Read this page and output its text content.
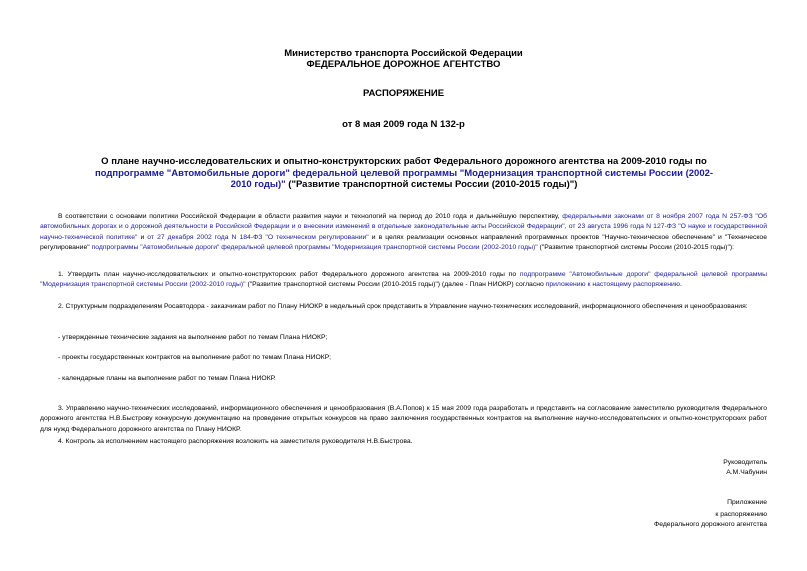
Министерство транспорта Российской Федерации
ФЕДЕРАЛЬНОЕ ДОРОЖНОЕ АГЕНТСТВО
РАСПОРЯЖЕНИЕ
от 8 мая 2009 года N 132-р
О плане научно-исследовательских и опытно-конструкторских работ Федерального дорожного агентства на 2009-2010 годы по подпрограмме "Автомобильные дороги" федеральной целевой программы "Модернизация транспортной системы России (2002-2010 годы)" ("Развитие транспортной системы России (2010-2015 годы)")
В соответствии с основами политики Российской Федерации в области развития науки и технологий на период до 2010 года и дальнейшую перспективу, федеральными законами от 8 ноября 2007 года N 257-ФЗ "Об автомобильных дорогах и о дорожной деятельности в Российской Федерации и о внесении изменений в отдельные законодательные акты Российской Федерации", от 23 августа 1996 года N 127-ФЗ "О науке и государственной научно-технической политике" и от 27 декабря 2002 года N 184-ФЗ "О техническом регулировании" и в целях реализации основных направлений программных проектов "Научно-техническое обеспечение" и "Техническое регулирование" подпрограммы "Автомобильные дороги" федеральной целевой программы "Модернизация транспортной системы России (2002-2010 годы)" ("Развитие транспортной системы России (2010-2015 годы)"):
1. Утвердить план научно-исследовательских и опытно-конструкторских работ Федерального дорожного агентства на 2009-2010 годы по подпрограмме "Автомобильные дороги" федеральной целевой программы "Модернизация транспортной системы России (2002-2010 годы)" ("Развитие транспортной системы России (2010-2015 годы)") (далее - План НИОКР) согласно приложению к настоящему распоряжению.
2. Структурным подразделениям Росавтодора - заказчикам работ по Плану НИОКР в недельный срок представить в Управление научно-технических исследований, информационного обеспечения и ценообразования:
- утвержденные технические задания на выполнение работ по темам Плана НИОКР;
- проекты государственных контрактов на выполнение работ по темам Плана НИОКР;
- календарные планы на выполнение работ по темам Плана НИОКР.
3. Управлению научно-технических исследований, информационного обеспечения и ценообразования (В.А.Попов) к 15 мая 2009 года разработать и представить на согласование заместителю руководителя Федерального дорожного агентства Н.В.Быстрову конкурсную документацию на проведение открытых конкурсов на право заключения государственных контрактов на выполнение научно-исследовательских и опытно-конструкторских работ для нужд Федерального дорожного агентства по Плану НИОКР.
4. Контроль за исполнением настоящего распоряжения возложить на заместителя руководителя Н.В.Быстрова.
Руководитель
А.М.Чабунин
Приложение
к распоряжению
Федерального дорожного агентства
